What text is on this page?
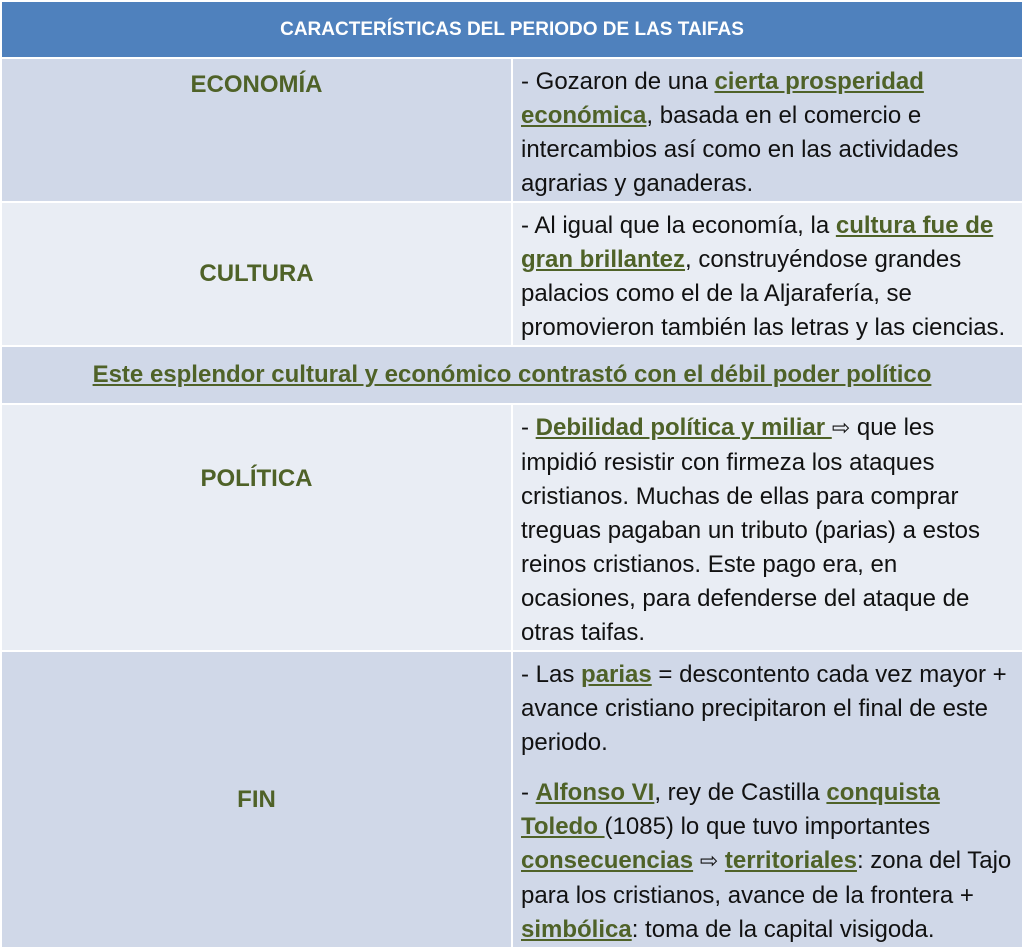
CARACTERÍSTICAS DEL PERIODO DE LAS TAIFAS	
ECONOMÍA	- Gozaron de una cierta prosperidad económica, basada en el comercio e intercambios así como en las actividades agrarias y ganaderas.
CULTURA	- Al igual que la economía, la cultura fue de gran brillantez, construyéndose grandes palacios como el de la Aljarafería, se promovieron también las letras y las ciencias.
Este esplendor cultural y económico contrastó con el débil poder político	
POLÍTICA	- Debilidad política y miliar ⇨ que les impidió resistir con firmeza los ataques cristianos. Muchas de ellas para comprar treguas pagaban un tributo (parias) a estos reinos cristianos. Este pago era, en ocasiones, para defenderse del ataque de otras taifas.
FIN	- Las parias = descontento cada vez mayor + avance cristiano precipitaron el final de este periodo.

- Alfonso VI, rey de Castilla conquista Toledo (1085) lo que tuvo importantes consecuencias ⇨ territoriales: zona del Tajo para los cristianos, avance de la frontera + simbólica: toma de la capital visigoda.
